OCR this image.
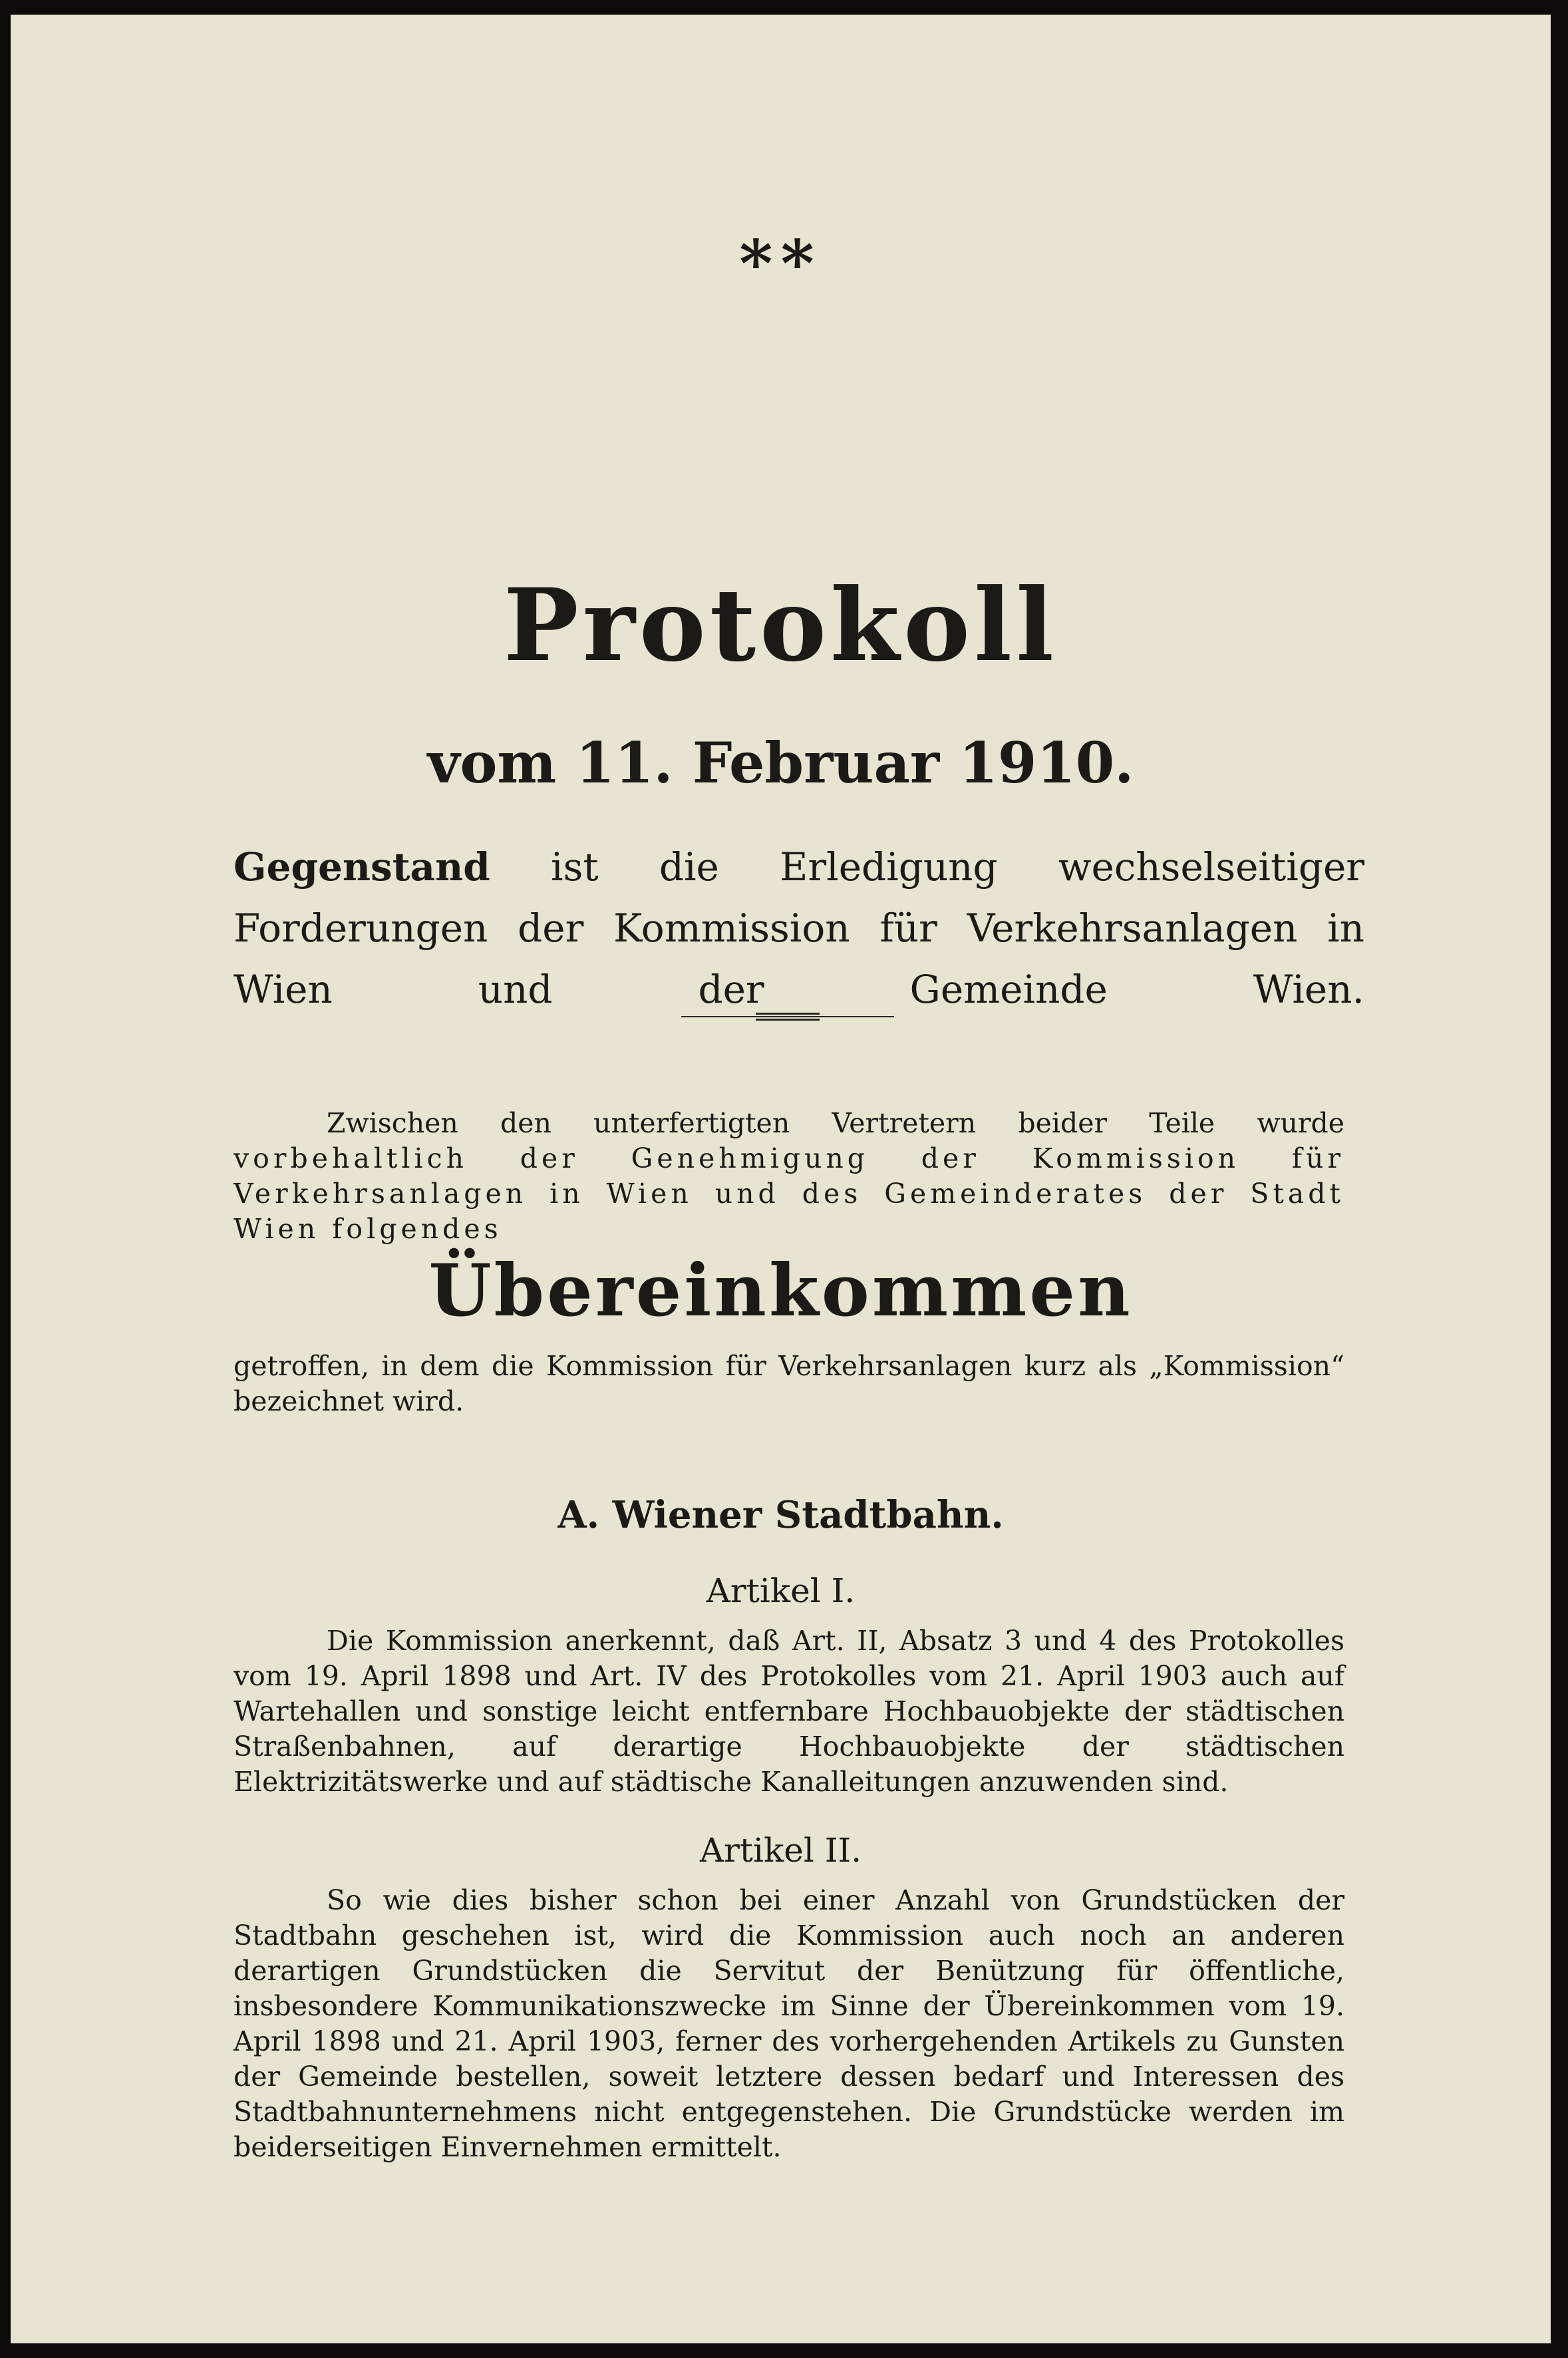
**
Protokoll
vom 11. Februar 1910.
Gegenstand ist die Erledigung wechselseitiger Forderungen der Kommission für Verkehrsanlagen in Wien und der Gemeinde Wien.
Zwischen den unterfertigten Vertretern beider Teile wurde vorbehaltlich der Genehmigung der Kommission für Verkehrsanlagen in Wien und des Gemeinderates der Stadt Wien folgendes
Übereinkommen
getroffen, in dem die Kommission für Verkehrsanlagen kurz als „Kommission“ bezeichnet wird.
A. Wiener Stadtbahn.
Artikel I.
Die Kommission anerkennt, daß Art. II, Absatz 3 und 4 des Protokolles vom 19. April 1898 und Art. IV des Protokolles vom 21. April 1903 auch auf Wartehallen und sonstige leicht entfernbare Hochbauobjekte der städtischen Straßenbahnen, auf derartige Hochbauobjekte der städtischen Elektrizitätswerke und auf städtische Kanalleitungen anzuwenden sind.
Artikel II.
So wie dies bisher schon bei einer Anzahl von Grundstücken der Stadtbahn geschehen ist, wird die Kommission auch noch an anderen derartigen Grundstücken die Servitut der Benützung für öffentliche, insbesondere Kommunikationszwecke im Sinne der Übereinkommen vom 19. April 1898 und 21. April 1903, ferner des vorhergehenden Artikels zu Gunsten der Gemeinde bestellen, soweit letztere dessen bedarf und Interessen des Stadtbahnunternehmens nicht entgegenstehen. Die Grundstücke werden im beiderseitigen Einvernehmen ermittelt.
